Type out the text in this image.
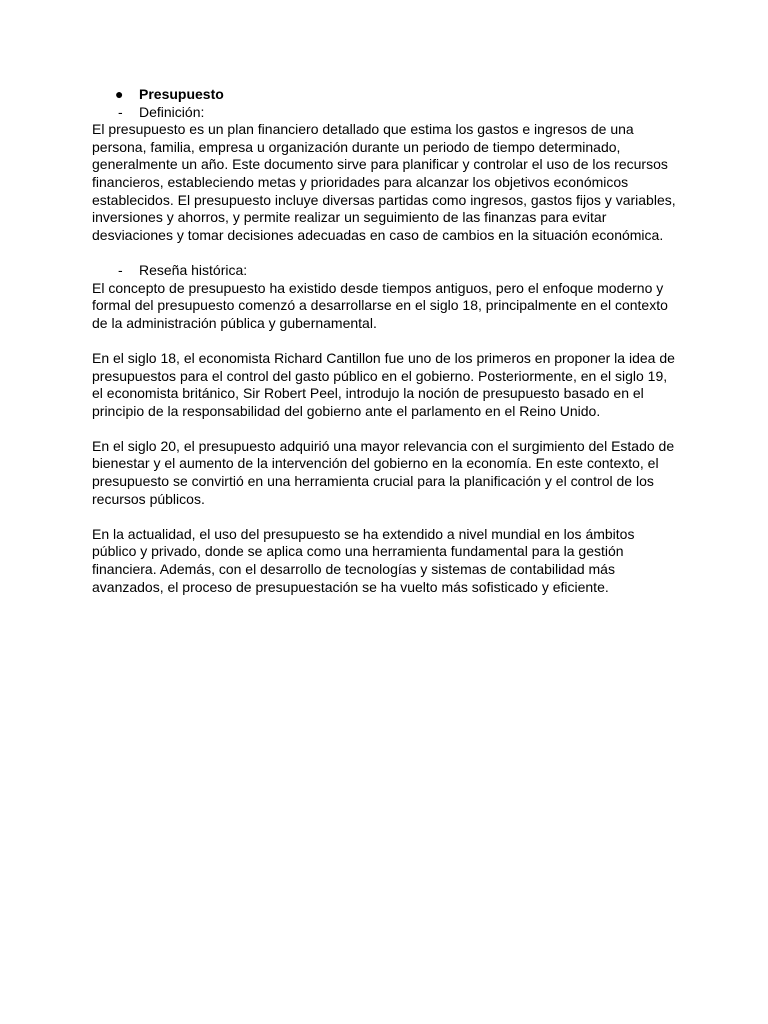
● Presupuesto
- Definición:

El presupuesto es un plan financiero detallado que estima los gastos e ingresos de una persona, familia, empresa u organización durante un periodo de tiempo determinado, generalmente un año. Este documento sirve para planificar y controlar el uso de los recursos financieros, estableciendo metas y prioridades para alcanzar los objetivos económicos establecidos. El presupuesto incluye diversas partidas como ingresos, gastos fijos y variables, inversiones y ahorros, y permite realizar un seguimiento de las finanzas para evitar desviaciones y tomar decisiones adecuadas en caso de cambios en la situación económica.

- Reseña histórica:

El concepto de presupuesto ha existido desde tiempos antiguos, pero el enfoque moderno y formal del presupuesto comenzó a desarrollarse en el siglo 18, principalmente en el contexto de la administración pública y gubernamental.

En el siglo 18, el economista Richard Cantillon fue uno de los primeros en proponer la idea de presupuestos para el control del gasto público en el gobierno. Posteriormente, en el siglo 19, el economista británico, Sir Robert Peel, introdujo la noción de presupuesto basado en el principio de la responsabilidad del gobierno ante el parlamento en el Reino Unido.

En el siglo 20, el presupuesto adquirió una mayor relevancia con el surgimiento del Estado de bienestar y el aumento de la intervención del gobierno en la economía. En este contexto, el presupuesto se convirtió en una herramienta crucial para la planificación y el control de los recursos públicos.

En la actualidad, el uso del presupuesto se ha extendido a nivel mundial en los ámbitos público y privado, donde se aplica como una herramienta fundamental para la gestión financiera. Además, con el desarrollo de tecnologías y sistemas de contabilidad más avanzados, el proceso de presupuestación se ha vuelto más sofisticado y eficiente.
